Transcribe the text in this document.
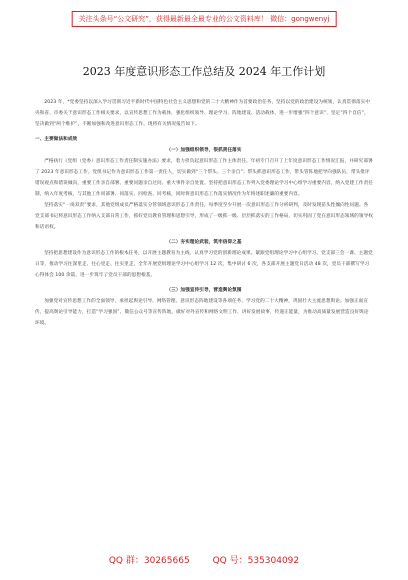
关注头条号“公文研究”，获得最新最全最专业的公文资料库！ 微信：gongwenyj
2023 年度意识形态工作总结及 2024 年工作计划

2023 年，*党委坚持以深入学习贯彻习近平新时代中国特色社会主义思想和党的二十大精神作为首要政治任务，坚持以党的政治建设为统领，认真贯彻落实中央和省、市委关于意识形态工作相关要求，以宣传思想工作为载体，强化组织领导、理论学习、阵地建设、活动载体，进一步增强“四个意识”，坚定“四个自信”，坚决做到“两个维护”，不断加强和改进意识形态工作。现将有关情况报告如下。

一、主要做法和成效

（一）加强组织领导，很抓责任落实

严格执行《党组（党委）意识形态工作责任制实施办法》要求，着力担负起意识形态工作主体责任。年初专门召开了上年度意识形态工作情况汇报，并研究部署了 2023 年意识形态工作。党组书记作为意识形态工作第一责任人，切实做到“三个带头、三个亲自”；带头抓意识形态工作，带头管阵地把导向强队伍，带头批评错误观点和错误倾向，重要工作亲自部署、重要问题亲自过问、重大事件亲自处置。坚持把意识形态工作列入党委理论学习中心组学习重要内容，纳入党建工作责任制，纳入年度考核，与其他工作同部署、同落实、同检查、同考核，同时将意识形态工作落实情况作为年终述职述廉的重要内容。

坚持落实“一岗双责”要求，其他党组成员严格落实分管领域意识形态工作责任，每季度至少开展一次意识形态工作分析研判，及时发现苗头性倾向性问题。各党支部书记将意识形态工作纳入支部日常工作，抓好党员教育管理和思想引导，形成了一级抓一级、层层抓落实的工作格局，切实巩固了党在意识形态领域的领导权和话语权。

（二）夯实理论武装，筑牢信仰之基

坚持把思想建设作为意识形态工作的根本任务，以开展主题教育为主线，认真学习党的创新理论成果。紧跟党组理论学习中心组学习、党支部三会一课、主题党日等，推动学习往深里走、往心里走、往实里走，全年开展党组理论学习中心组学习 12 次，集中研讨 6 次，各支部开展主题党日活动 48 次，党员干部撰写学习心得体会 100 余篇，进一步筑牢了党员干部的思想根基。

（三）加强宣传引导，营造舆论氛围

加强党对宣传思想工作的全面领导，承担起舆论引导、网络管理、意识形态阵地建设等各项任务，学习党的二十大精神，巩固壮大主流思想舆论。加强正面宣传，提高舆论引导能力，打造“学习强国”、微信公众号等宣传阵地，做好对外宣传和网络文明工作，讲好发展故事，传递正能量，为推动高质量发展营造良好舆论环境。

QQ 群：30265665        QQ 号：535304092
